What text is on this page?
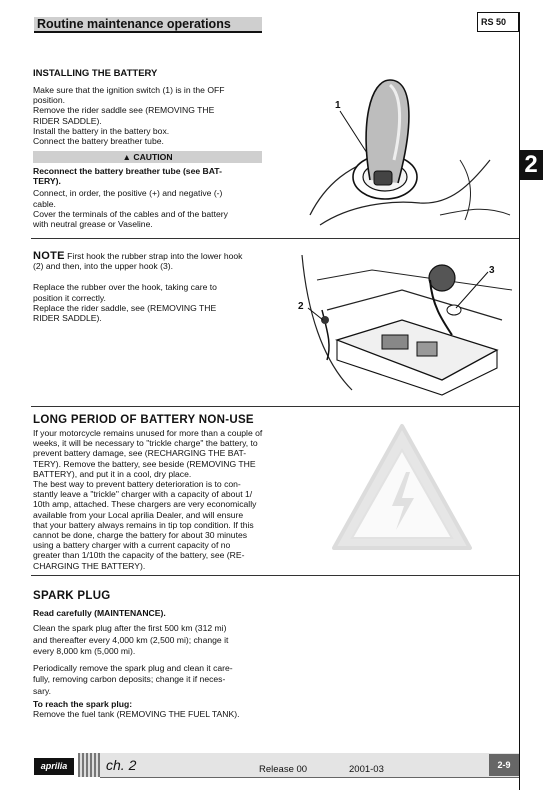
Routine maintenance operations	RS 50
2
INSTALLING THE BATTERY
Make sure that the ignition switch (1) is in the OFF
position.
Remove the rider saddle see (REMOVING THE
RIDER SADDLE).
Install the battery in the battery box.
Connect the battery breather tube.
▲ CAUTION
Reconnect the battery breather tube (see BAT-
TERY).
Connect, in order, the positive (+) and negative (-)
cable.
Cover the terminals of the cables and of the battery
with neutral grease or Vaseline.
1
NOTE First hook the rubber strap into the lower hook
(2) and then, into the upper hook (3).
Replace the rubber over the hook, taking care to
position it correctly.
Replace the rider saddle, see (REMOVING THE
RIDER SADDLE).
2
3
LONG PERIOD OF BATTERY NON-USE
If your motorcycle remains unused for more than a couple of
weeks, it will be necessary to "trickle charge" the battery, to
prevent battery damage, see (RECHARGING THE BAT-
TERY). Remove the battery, see beside (REMOVING THE
BATTERY), and put it in a cool, dry place.
The best way to prevent battery deterioration is to con-
stantly leave a "trickle" charger with a capacity of about 1/
10th amp, attached. These chargers are very economically
available from your Local aprilia Dealer, and will ensure
that your battery always remains in tip top condition. If this
cannot be done, charge the battery for about 30 minutes
using a battery charger with a current capacity of no
greater than 1/10th the capacity of the battery, see (RE-
CHARGING THE BATTERY).
SPARK PLUG
Read carefully (MAINTENANCE).
Clean the spark plug after the first 500 km (312 mi)
and thereafter every 4,000 km (2,500 mi); change it
every 8,000 km (5,000 mi).
Periodically remove the spark plug and clean it care-
fully, removing carbon deposits; change it if neces-
sary.
To reach the spark plug:
Remove the fuel tank (REMOVING THE FUEL TANK).
aprilia	ch. 2	Release 00	2001-03	2-9
